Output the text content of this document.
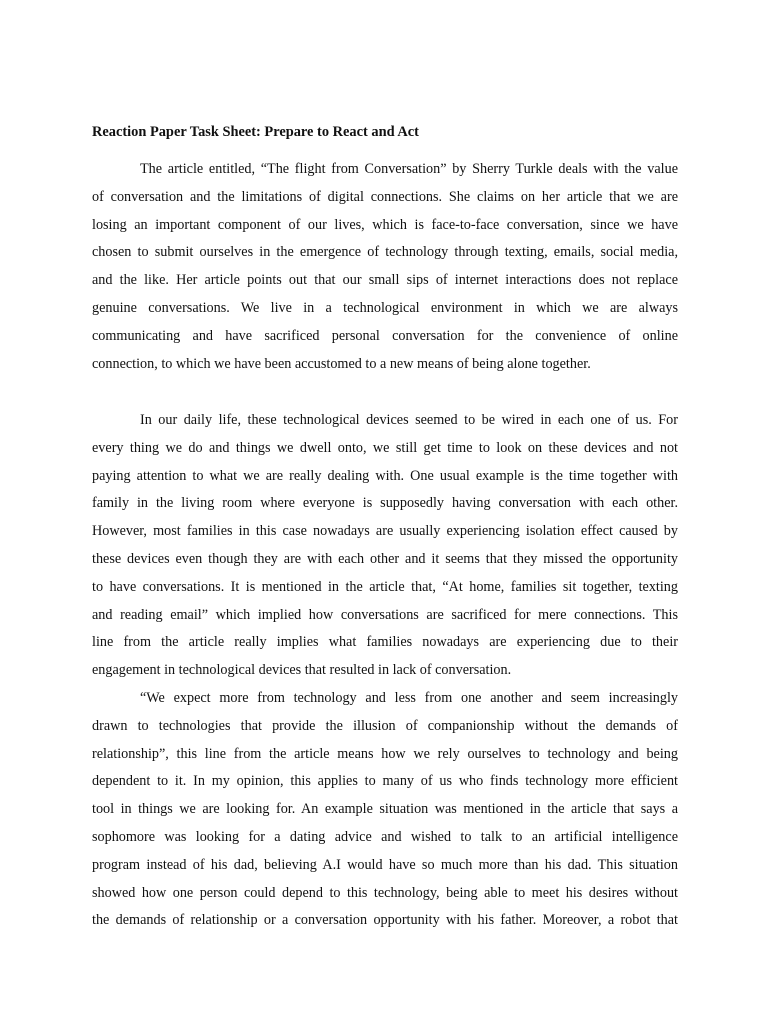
Reaction Paper Task Sheet: Prepare to React and Act
The article entitled, “The flight from Conversation” by Sherry Turkle deals with the value
of conversation and the limitations of digital connections. She claims on her article that we are
losing an important component of our lives, which is face-to-face conversation, since we have
chosen to submit ourselves in the emergence of technology through texting, emails, social media,
and the like. Her article points out that our small sips of internet interactions does not replace
genuine conversations. We live in a technological environment in which we are always
communicating and have sacrificed personal conversation for the convenience of online
connection, to which we have been accustomed to a new means of being alone together.
In our daily life, these technological devices seemed to be wired in each one of us. For
every thing we do and things we dwell onto, we still get time to look on these devices and not
paying attention to what we are really dealing with. One usual example is the time together with
family in the living room where everyone is supposedly having conversation with each other.
However, most families in this case nowadays are usually experiencing isolation effect caused by
these devices even though they are with each other and it seems that they missed the opportunity
to have conversations. It is mentioned in the article that, “At home, families sit together, texting
and reading email” which implied how conversations are sacrificed for mere connections. This
line from the article really implies what families nowadays are experiencing due to their
engagement in technological devices that resulted in lack of conversation.
“We expect more from technology and less from one another and seem increasingly
drawn to technologies that provide the illusion of companionship without the demands of
relationship”, this line from the article means how we rely ourselves to technology and being
dependent to it. In my opinion, this applies to many of us who finds technology more efficient
tool in things we are looking for. An example situation was mentioned in the article that says a
sophomore was looking for a dating advice and wished to talk to an artificial intelligence
program instead of his dad, believing A.I would have so much more than his dad. This situation
showed how one person could depend to this technology, being able to meet his desires without
the demands of relationship or a conversation opportunity with his father. Moreover, a robot that
